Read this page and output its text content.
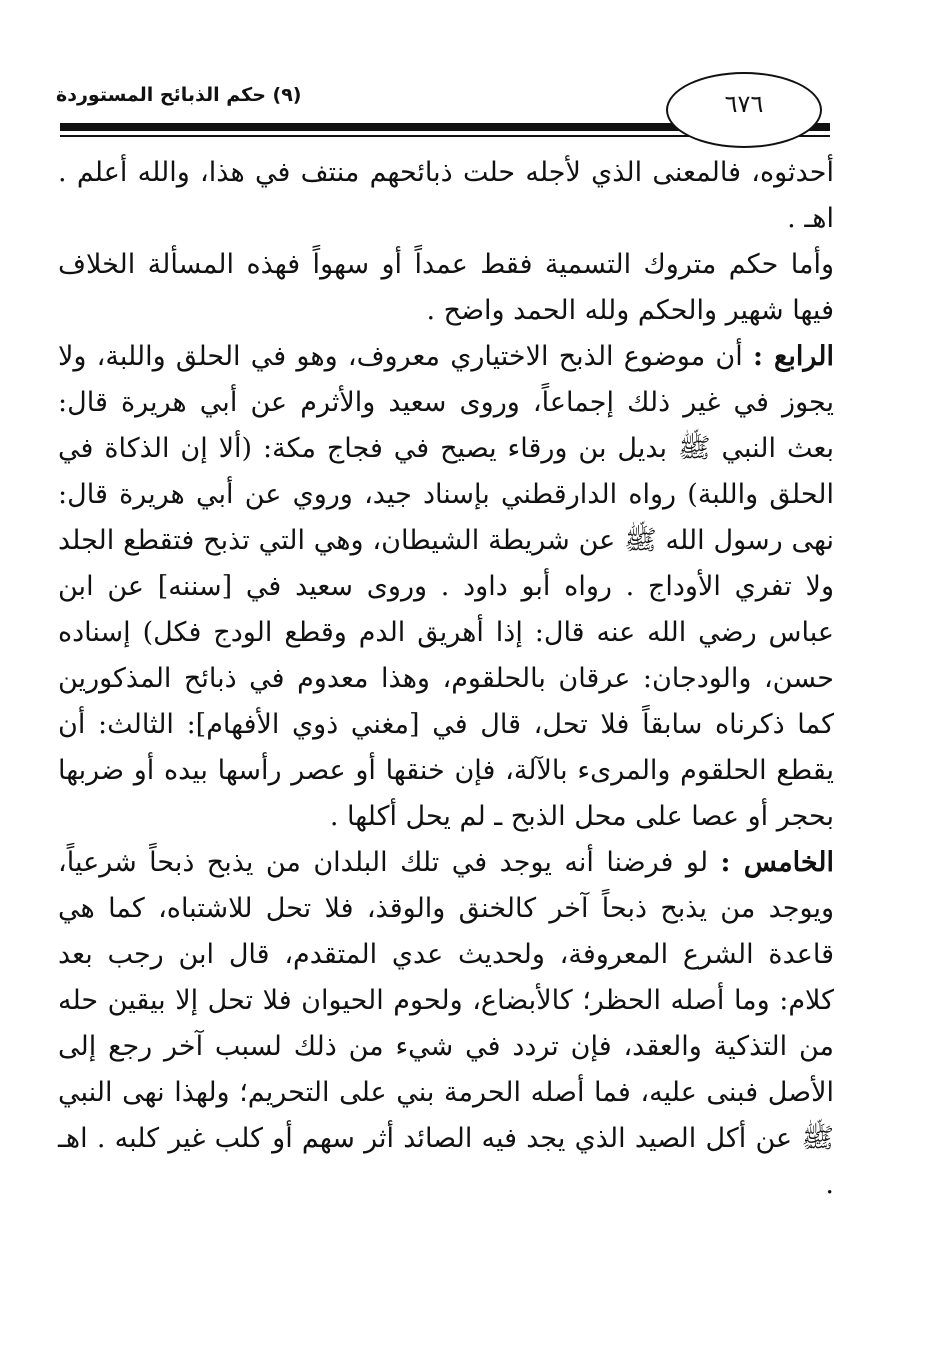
(٩) حكم الذبائح المستوردة	٦٧٦

أحدثوه، فالمعنى الذي لأجله حلت ذبائحهم منتف في هذا، والله أعلم . اهـ .

وأما حكم متروك التسمية فقط عمداً أو سهواً فهذه المسألة الخلاف فيها شهير والحكم ولله الحمد واضح .

الرابع : أن موضوع الذبح الاختياري معروف، وهو في الحلق واللبة، ولا يجوز في غير ذلك إجماعاً، وروى سعيد والأثرم عن أبي هريرة قال: بعث النبي ﷺ بديل بن ورقاء يصيح في فجاج مكة: (ألا إن الذكاة في الحلق واللبة) رواه الدارقطني بإسناد جيد، وروي عن أبي هريرة قال: نهى رسول الله ﷺ عن شريطة الشيطان، وهي التي تذبح فتقطع الجلد ولا تفري الأوداج . رواه أبو داود . وروى سعيد في [سننه] عن ابن عباس رضي الله عنه قال: إذا أهريق الدم وقطع الودج فكل) إسناده حسن، والودجان: عرقان بالحلقوم، وهذا معدوم في ذبائح المذكورين كما ذكرناه سابقاً فلا تحل، قال في [مغني ذوي الأفهام]: الثالث: أن يقطع الحلقوم والمرىء بالآلة، فإن خنقها أو عصر رأسها بيده أو ضربها بحجر أو عصا على محل الذبح ـ لم يحل أكلها .

الخامس : لو فرضنا أنه يوجد في تلك البلدان من يذبح ذبحاً شرعياً، ويوجد من يذبح ذبحاً آخر كالخنق والوقذ، فلا تحل للاشتباه، كما هي قاعدة الشرع المعروفة، ولحديث عدي المتقدم، قال ابن رجب بعد كلام: وما أصله الحظر؛ كالأبضاع، ولحوم الحيوان فلا تحل إلا بيقين حله من التذكية والعقد، فإن تردد في شيء من ذلك لسبب آخر رجع إلى الأصل فبنى عليه، فما أصله الحرمة بني على التحريم؛ ولهذا نهى النبي ﷺ عن أكل الصيد الذي يجد فيه الصائد أثر سهم أو كلب غير كلبه . اهـ .
